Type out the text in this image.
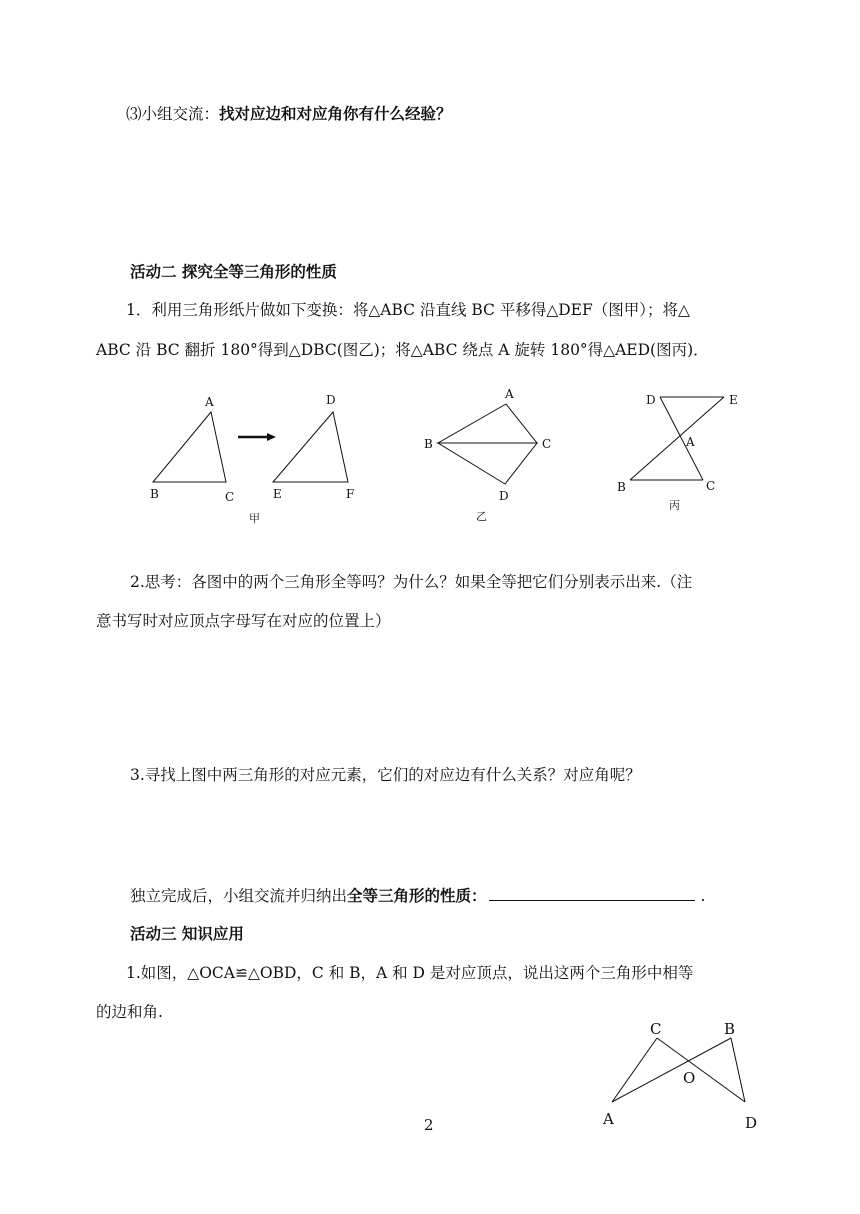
⑶小组交流：找对应边和对应角你有什么经验？
活动二 探究全等三角形的性质
1．利用三角形纸片做如下变换：将△ABC 沿直线 BC 平移得△DEF（图甲）；将△
ABC 沿 BC 翻折 180°得到△DBC(图乙)；将△ABC 绕点 A 旋转 180°得△AED(图丙)．
A
B	C
D
E	F
甲
A
B	C
D
乙
D	E
A
B	C
丙
C	B
O
A	D
2.思考：各图中的两个三角形全等吗？为什么？如果全等把它们分别表示出来.（注
意书写时对应顶点字母写在对应的位置上）
3.寻找上图中两三角形的对应元素，它们的对应边有什么关系？对应角呢？
独立完成后，小组交流并归纳出全等三角形的性质：	.
活动三 知识应用
1.如图，△OCA≌△OBD，C 和 B，A 和 D 是对应顶点，说出这两个三角形中相等
的边和角.
2
